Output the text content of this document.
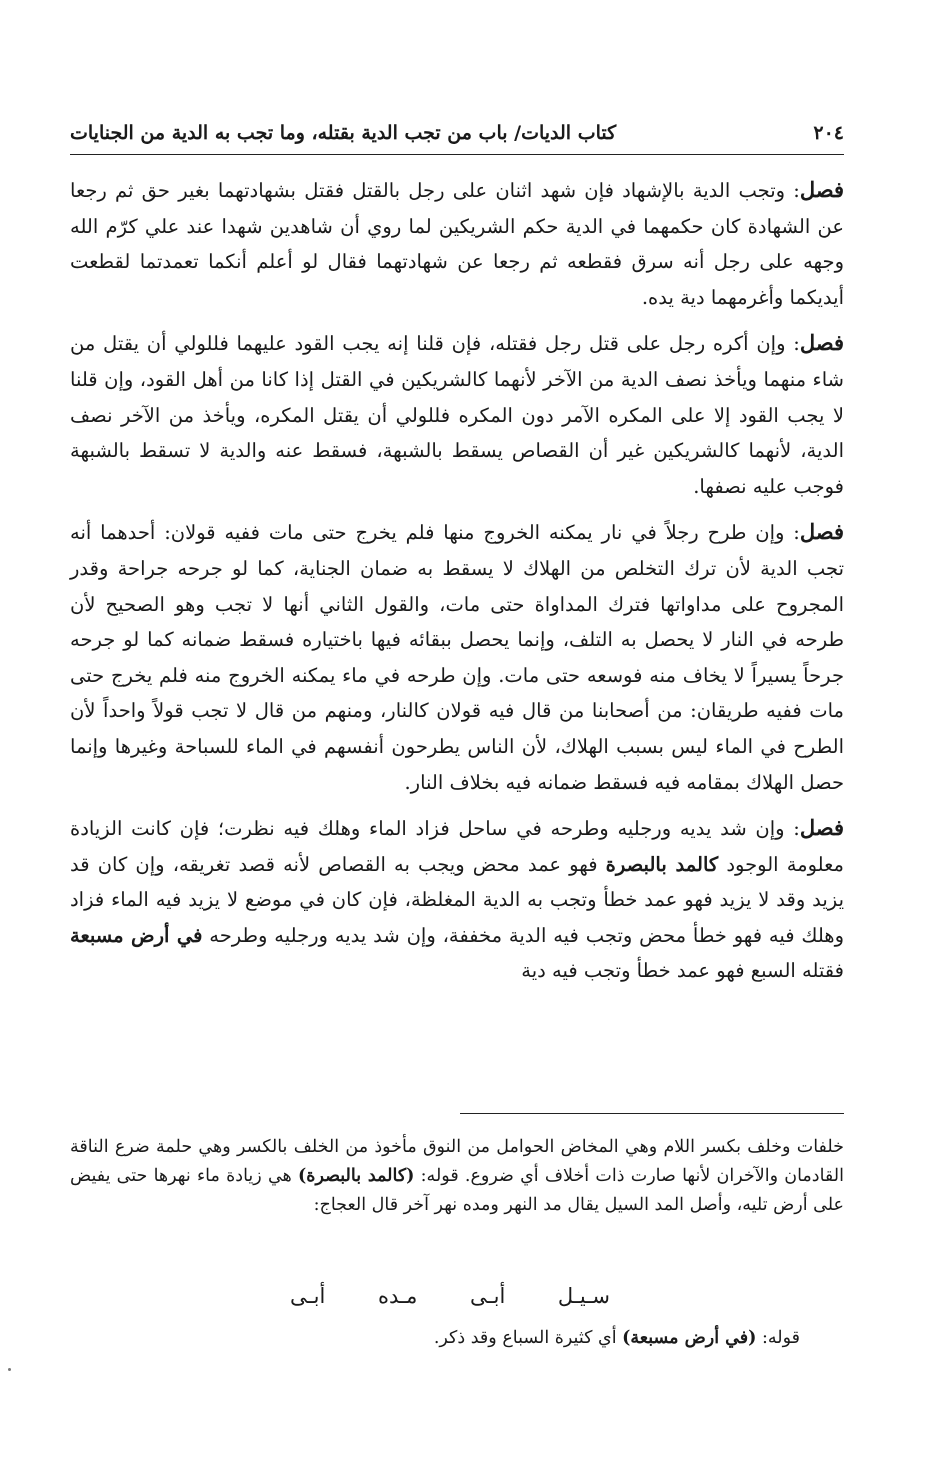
٢٠٤
كتاب الديات/ باب من تجب الدية بقتله، وما تجب به الدية من الجنايات

فصل: وتجب الدية بالإشهاد فإن شهد اثنان على رجل بالقتل فقتل بشهادتهما بغير حق ثم رجعا عن الشهادة كان حكمهما في الدية حكم الشريكين لما روي أن شاهدين شهدا عند علي كرّم الله وجهه على رجل أنه سرق فقطعه ثم رجعا عن شهادتهما فقال لو أعلم أنكما تعمدتما لقطعت أيديكما وأغرمهما دية يده.

فصل: وإن أكره رجل على قتل رجل فقتله، فإن قلنا إنه يجب القود عليهما فللولي أن يقتل من شاء منهما ويأخذ نصف الدية من الآخر لأنهما كالشريكين في القتل إذا كانا من أهل القود، وإن قلنا لا يجب القود إلا على المكره الآمر دون المكره فللولي أن يقتل المكره، ويأخذ من الآخر نصف الدية، لأنهما كالشريكين غير أن القصاص يسقط بالشبهة، فسقط عنه والدية لا تسقط بالشبهة فوجب عليه نصفها.

فصل: وإن طرح رجلاً في نار يمكنه الخروج منها فلم يخرج حتى مات ففيه قولان: أحدهما أنه تجب الدية لأن ترك التخلص من الهلاك لا يسقط به ضمان الجناية، كما لو جرحه جراحة وقدر المجروح على مداواتها فترك المداواة حتى مات، والقول الثاني أنها لا تجب وهو الصحيح لأن طرحه في النار لا يحصل به التلف، وإنما يحصل ببقائه فيها باختياره فسقط ضمانه كما لو جرحه جرحاً يسيراً لا يخاف منه فوسعه حتى مات. وإن طرحه في ماء يمكنه الخروج منه فلم يخرج حتى مات ففيه طريقان: من أصحابنا من قال فيه قولان كالنار، ومنهم من قال لا تجب قولاً واحداً لأن الطرح في الماء ليس بسبب الهلاك، لأن الناس يطرحون أنفسهم في الماء للسباحة وغيرها وإنما حصل الهلاك بمقامه فيه فسقط ضمانه فيه بخلاف النار.

فصل: وإن شد يديه ورجليه وطرحه في ساحل فزاد الماء وهلك فيه نظرت؛ فإن كانت الزيادة معلومة الوجود كالمد بالبصرة فهو عمد محض ويجب به القصاص لأنه قصد تغريقه، وإن كان قد يزيد وقد لا يزيد فهو عمد خطأ وتجب به الدية المغلظة، فإن كان في موضع لا يزيد فيه الماء فزاد وهلك فيه فهو خطأ محض وتجب فيه الدية مخففة، وإن شد يديه ورجليه وطرحه في أرض مسبعة فقتله السبع فهو عمد خطأ وتجب فيه دية

خلفات وخلف بكسر اللام وهي المخاض الحوامل من النوق مأخوذ من الخلف بالكسر وهي حلمة ضرع الناقة القادمان والآخران لأنها صارت ذات أخلاف أي ضروع. قوله: (كالمد بالبصرة) هي زيادة ماء نهرها حتى يفيض على أرض تليه، وأصل المد السيل يقال مد النهر ومده نهر آخر قال العجاج:

سـيـل
أبـى
مـده
أبـى
قوله: (في أرض مسبعة) أي كثيرة السباع وقد ذكر.
